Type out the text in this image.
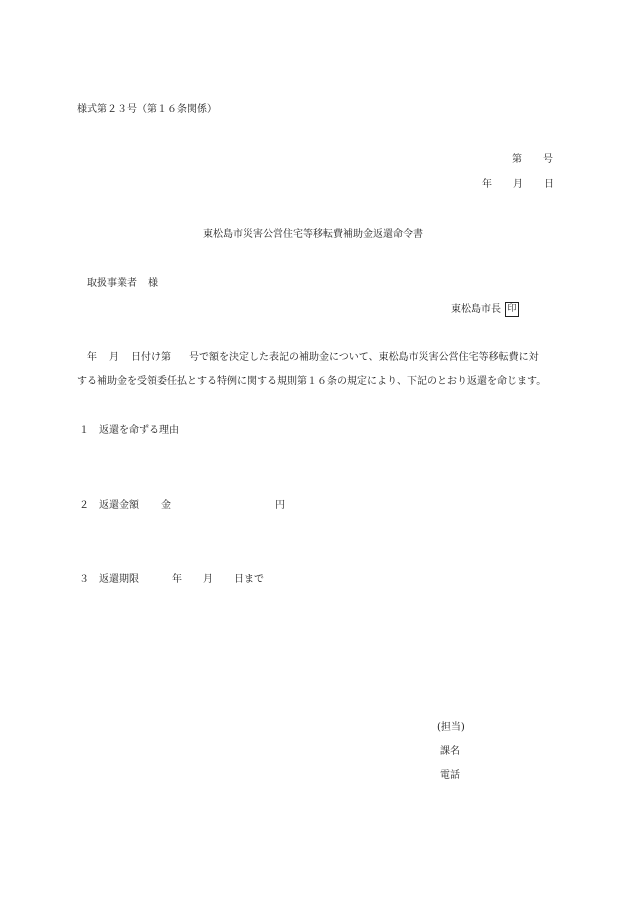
様式第２３号（第１６条関係）
第 号
年 月 日
東松島市災害公営住宅等移転費補助金返還命令書
取扱事業者 様
東松島市長 印
年 月 日付け第 号で額を決定した表記の補助金について、東松島市災害公営住宅等移転費に対
する補助金を受領委任払とする特例に関する規則第１６条の規定により、下記のとおり返還を命じます。
１ 返還を命ずる理由
２ 返還金額 金	円
３ 返還期限	年 月 日まで
(担当)
課名
電話
